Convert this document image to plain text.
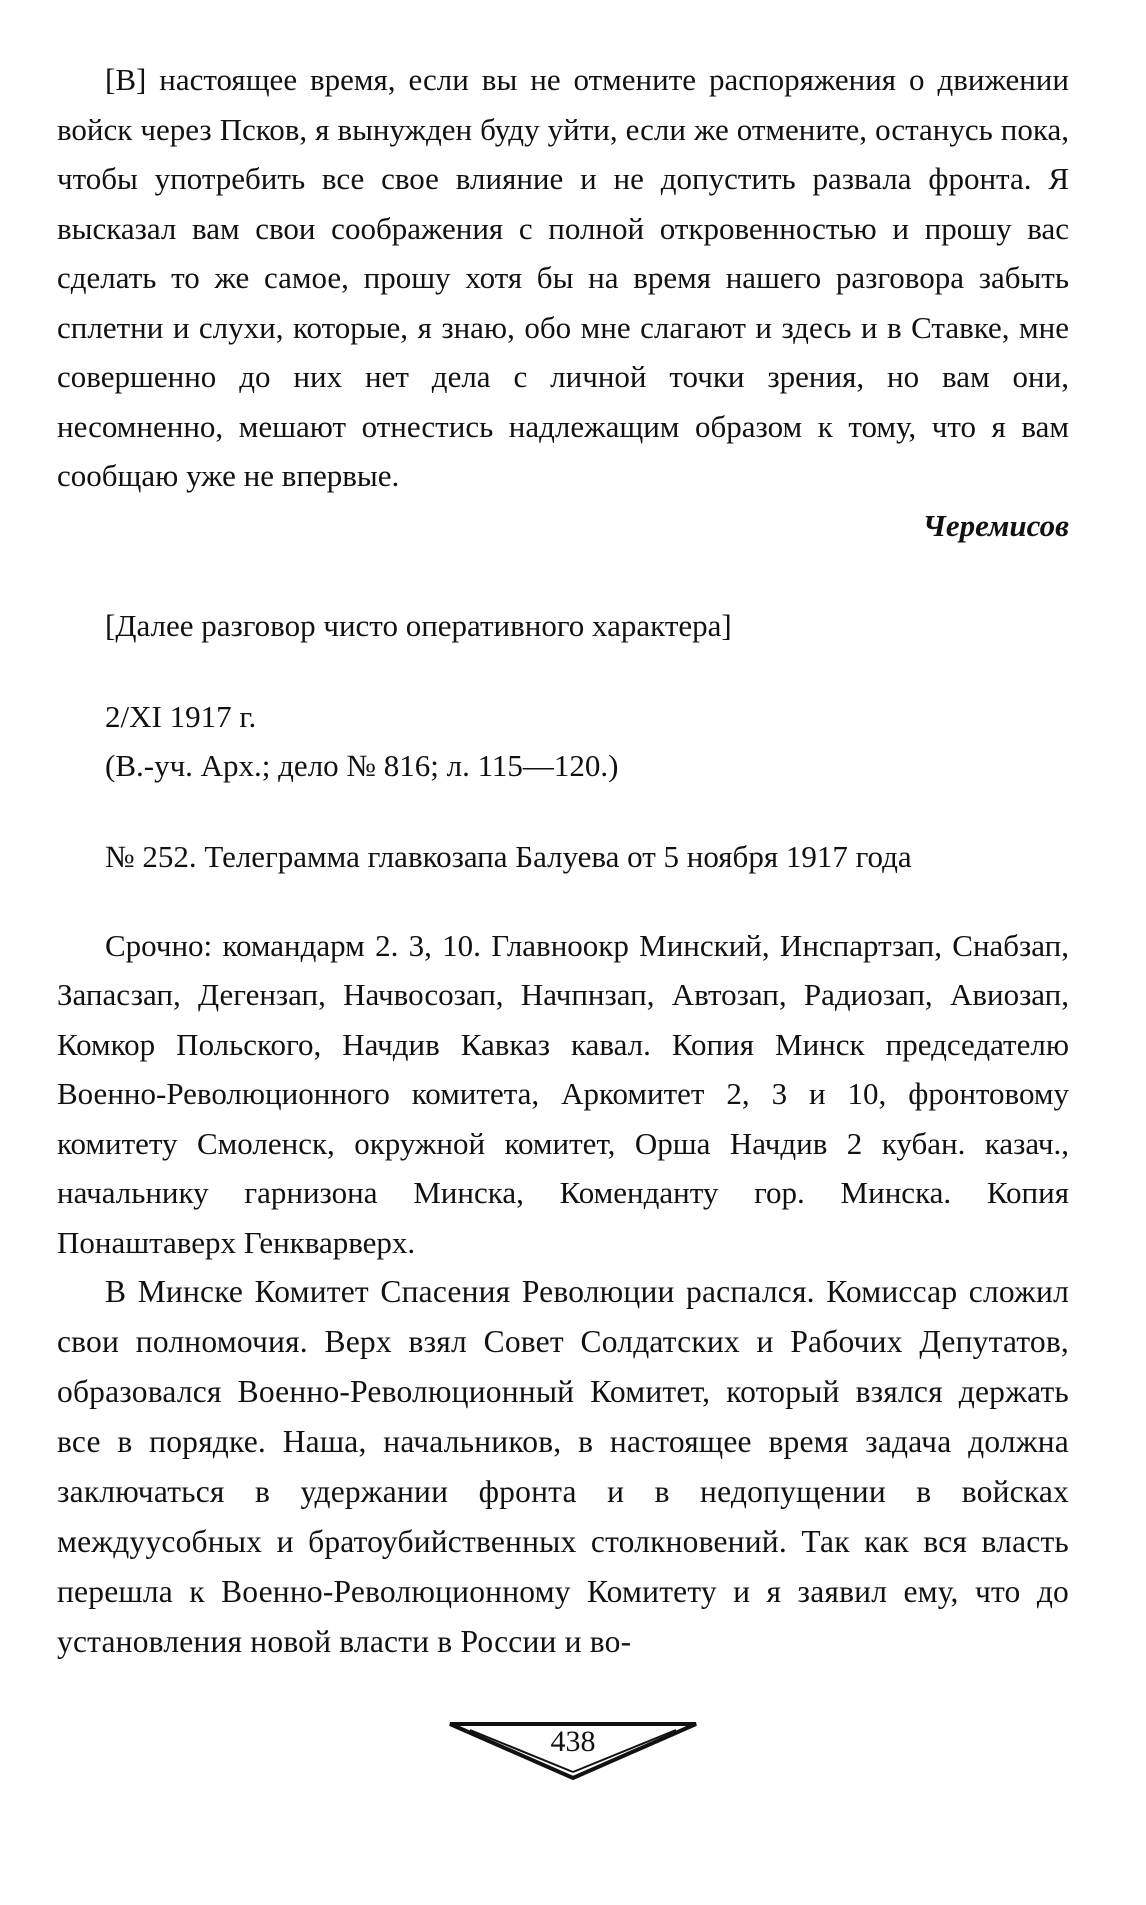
[В] настоящее время, если вы не отмените распоряжения о движении войск через Псков, я вынужден буду уйти, если же отмените, останусь пока, чтобы употребить все свое влияние и не допустить развала фронта. Я высказал вам свои соображения с полной откровенностью и прошу вас сделать то же самое, прошу хотя бы на время нашего разговора забыть сплетни и слухи, которые, я знаю, обо мне слагают и здесь и в Ставке, мне совершенно до них нет дела с личной точки зрения, но вам они, несомненно, мешают отнестись надлежащим образом к тому, что я вам сообщаю уже не впервые.

Черемисов

[Далее разговор чисто оперативного характера]

2/XI 1917 г.

(В.-уч. Арх.; дело № 816; л. 115—120.)

№ 252. Телеграмма главкозапа Балуева от 5 ноября 1917 года

Срочно: командарм 2. 3, 10. Главноокр Минский, Инспартзап, Снабзап, Запасзап, Дегензап, Начвосозап, Начпнзап, Автозап, Радиозап, Авиозап, Комкор Польского, Начдив Кавказ кавал. Копия Минск председателю Военно-Революционного комитета, Аркомитет 2, 3 и 10, фронтовому комитету Смоленск, окружной комитет, Орша Начдив 2 кубан. казач., начальнику гарнизона Минска, Коменданту гор. Минска. Копия Понаштаверх Генкварверх.

В Минске Комитет Спасения Революции распался. Комиссар сложил свои полномочия. Верх взял Совет Солдатских и Рабочих Депутатов, образовался Военно-Революционный Комитет, который взялся держать все в порядке. Наша, начальников, в настоящее время задача должна заключаться в удержании фронта и в недопущении в войсках междуусобных и братоубийственных столкновений. Так как вся власть перешла к Военно-Революционному Комитету и я заявил ему, что до установления новой власти в России и во-

438
